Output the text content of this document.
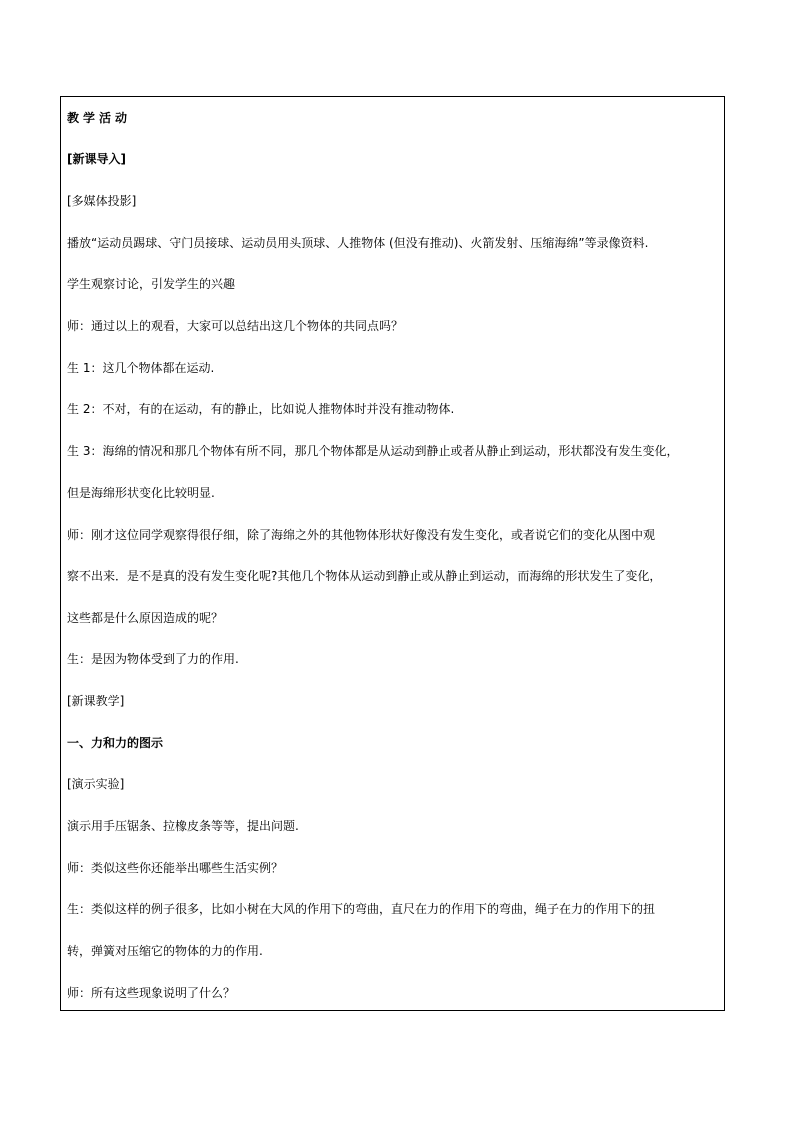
教学活动
[新课导入]
[多媒体投影]
播放“运动员踢球、守门员接球、运动员用头顶球、人推物体 (但没有推动)、火箭发射、压缩海绵”等录像资料.
学生观察讨论，引发学生的兴趣
师：通过以上的观看，大家可以总结出这几个物体的共同点吗？
生 1：这几个物体都在运动.
生 2：不对，有的在运动，有的静止，比如说人推物体时并没有推动物体.
生 3：海绵的情况和那几个物体有所不同，那几个物体都是从运动到静止或者从静止到运动，形状都没有发生变化，
但是海绵形状变化比较明显.
师：刚才这位同学观察得很仔细，除了海绵之外的其他物体形状好像没有发生变化，或者说它们的变化从图中观
察不出来．是不是真的没有发生变化呢?其他几个物体从运动到静止或从静止到运动，而海绵的形状发生了变化，
这些都是什么原因造成的呢？
生：是因为物体受到了力的作用.
[新课教学]
一、力和力的图示
[演示实验]
演示用手压锯条、拉橡皮条等等，提出问题.
师：类似这些你还能举出哪些生活实例？
生：类似这样的例子很多，比如小树在大风的作用下的弯曲，直尺在力的作用下的弯曲，绳子在力的作用下的扭
转，弹簧对压缩它的物体的力的作用.
师：所有这些现象说明了什么？
